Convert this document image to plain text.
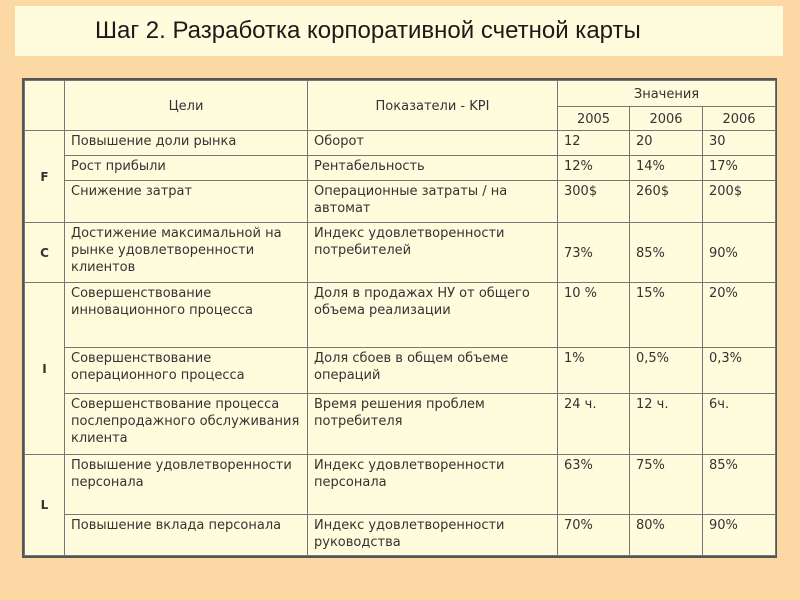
Шаг 2. Разработка корпоративной счетной карты
	Цели	Показатели - KPI	Значения		
			2005	2006	2006
F	Повышение доли рынка	Оборот	12	20	30
	Рост прибыли	Рентабельность	12%	14%	17%
	Снижение затрат	Операционные затраты / на автомат	300$	260$	200$
C	Достижение максимальной на рынке удовлетворенности клиентов	Индекс удовлетворенности потребителей	73%	85%	90%
I	Совершенствование инновационного процесса	Доля в продажах НУ от общего объема реализации	10 %	15%	20%
	Совершенствование операционного процесса	Доля сбоев в общем объеме операций	1%	0,5%	0,3%
	Совершенствование процесса послепродажного обслуживания клиента	Время решения проблем потребителя	24 ч.	12 ч.	6ч.
L	Повышение удовлетворенности персонала	Индекс удовлетворенности персонала	63%	75%	85%
	Повышение вклада персонала	Индекс удовлетворенности руководства	70%	80%	90%
